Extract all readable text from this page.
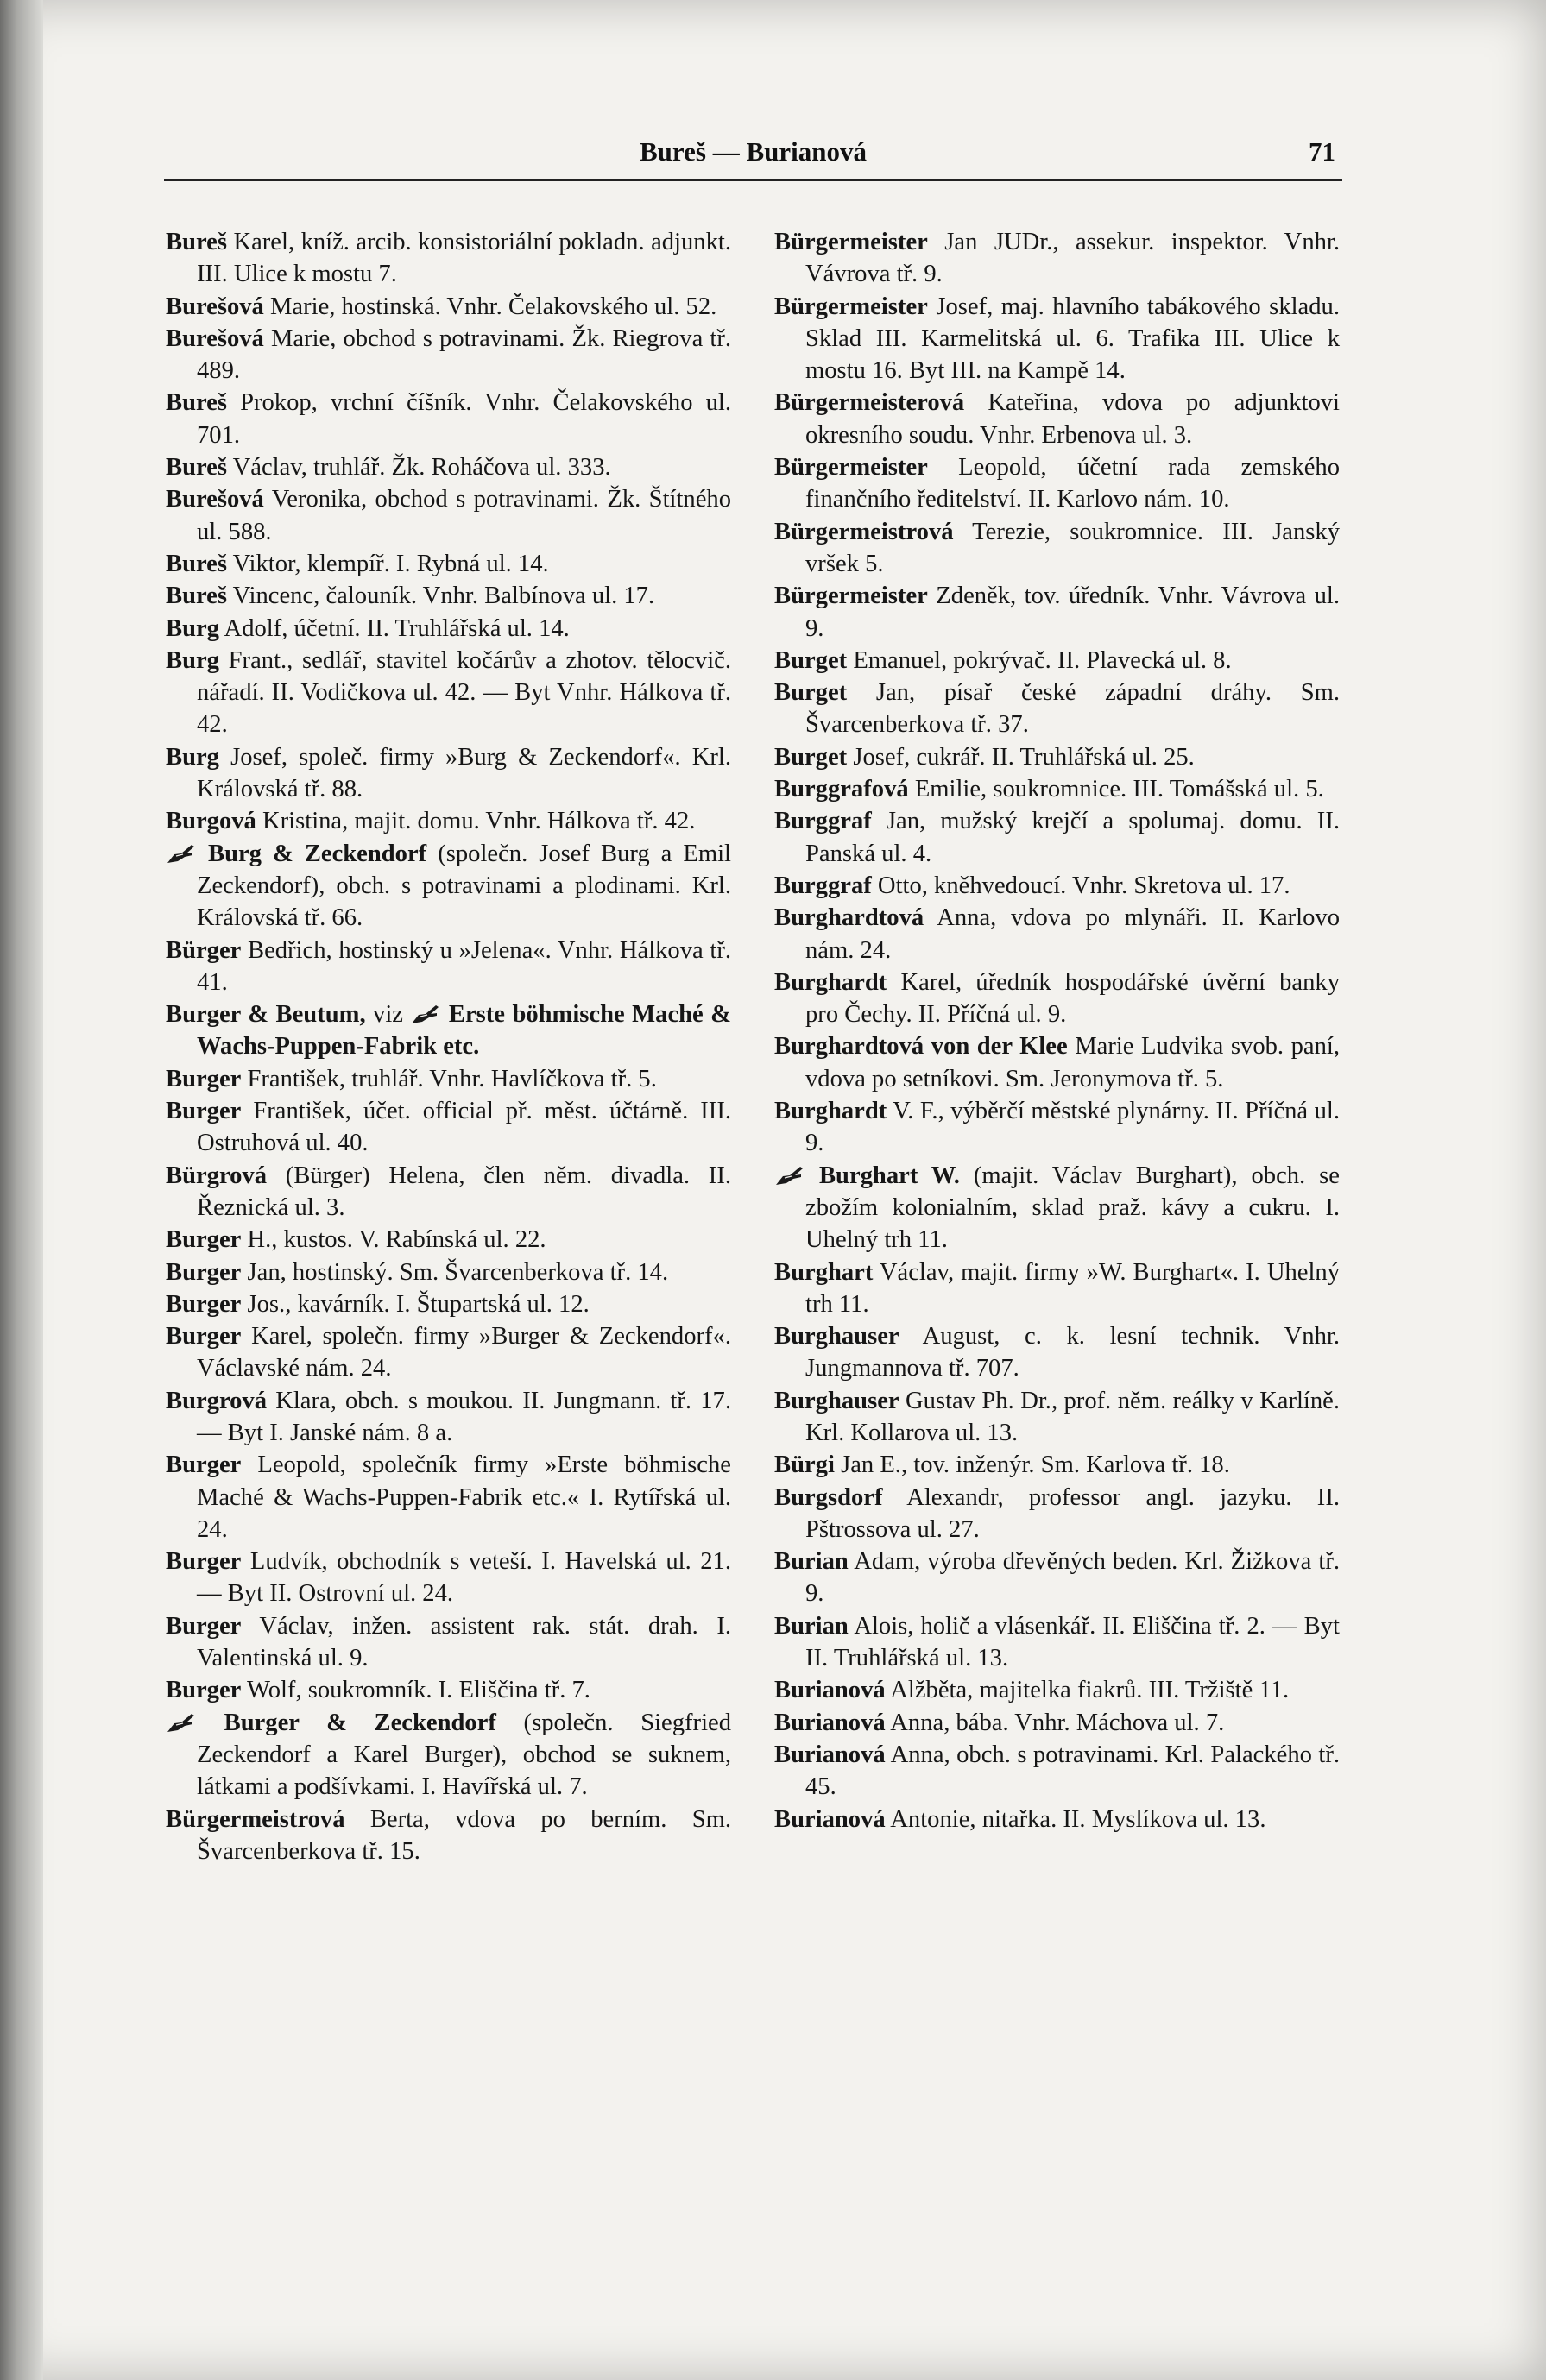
Bureš — Burianová	71

Bureš Karel, kníž. arcib. konsistoriální pokladn. adjunkt. III. Ulice k mostu 7.

Burešová Marie, hostinská. Vnhr. Čelakovského ul. 52.

Burešová Marie, obchod s potravinami. Žk. Riegrova tř. 489.

Bureš Prokop, vrchní číšník. Vnhr. Čelakovského ul. 701.

Bureš Václav, truhlář. Žk. Roháčova ul. 333.

Burešová Veronika, obchod s potravinami. Žk. Štítného ul. 588.

Bureš Viktor, klempíř. I. Rybná ul. 14.

Bureš Vincenc, čalouník. Vnhr. Balbínova ul. 17.

Burg Adolf, účetní. II. Truhlářská ul. 14.

Burg Frant., sedlář, stavitel kočárův a zhotov. tělocvič. nářadí. II. Vodičkova ul. 42. — Byt Vnhr. Hálkova tř. 42.

Burg Josef, společ. firmy »Burg & Zeckendorf«. Krl. Královská tř. 88.

Burgová Kristina, majit. domu. Vnhr. Hálkova tř. 42.

Burg & Zeckendorf (společn. Josef Burg a Emil Zeckendorf), obch. s potravinami a plodinami. Krl. Královská tř. 66.

Bürger Bedřich, hostinský u »Jelena«. Vnhr. Hálkova tř. 41.

Burger & Beutum, viz
Erste böhmische Maché & Wachs-Puppen-Fabrik etc.

Burger František, truhlář. Vnhr. Havlíčkova tř. 5.

Burger František, účet. official př. měst. účtárně. III. Ostruhová ul. 40.

Bürgrová (Bürger) Helena, člen něm. divadla. II. Řeznická ul. 3.

Burger H., kustos. V. Rabínská ul. 22.

Burger Jan, hostinský. Sm. Švarcenberkova tř. 14.

Burger Jos., kavárník. I. Štupartská ul. 12.

Burger Karel, společn. firmy »Burger & Zeckendorf«. Václavské nám. 24.

Burgrová Klara, obch. s moukou. II. Jungmann. tř. 17. — Byt I. Janské nám. 8 a.

Burger Leopold, společník firmy »Erste böhmische Maché & Wachs-Puppen-Fabrik etc.« I. Rytířská ul. 24.

Burger Ludvík, obchodník s veteší. I. Havelská ul. 21. — Byt II. Ostrovní ul. 24.

Burger Václav, inžen. assistent rak. stát. drah. I. Valentinská ul. 9.

Burger Wolf, soukromník. I. Eliščina tř. 7.

Burger & Zeckendorf (společn. Siegfried Zeckendorf a Karel Burger), obchod se suknem, látkami a podšívkami. I. Havířská ul. 7.

Bürgermeistrová Berta, vdova po berním. Sm. Švarcenberkova tř. 15.

Bürgermeister Jan JUDr., assekur. inspektor. Vnhr. Vávrova tř. 9.

Bürgermeister Josef, maj. hlavního tabákového skladu. Sklad III. Karmelitská ul. 6. Trafika III. Ulice k mostu 16. Byt III. na Kampě 14.

Bürgermeisterová Kateřina, vdova po adjunktovi okresního soudu. Vnhr. Erbenova ul. 3.

Bürgermeister Leopold, účetní rada zemského finančního ředitelství. II. Karlovo nám. 10.

Bürgermeistrová Terezie, soukromnice. III. Janský vršek 5.

Bürgermeister Zdeněk, tov. úředník. Vnhr. Vávrova ul. 9.

Burget Emanuel, pokrývač. II. Plavecká ul. 8.

Burget Jan, písař české západní dráhy. Sm. Švarcenberkova tř. 37.

Burget Josef, cukrář. II. Truhlářská ul. 25.

Burggrafová Emilie, soukromnice. III. Tomášská ul. 5.

Burggraf Jan, mužský krejčí a spolumaj. domu. II. Panská ul. 4.

Burggraf Otto, kněhvedoucí. Vnhr. Skretova ul. 17.

Burghardtová Anna, vdova po mlynáři. II. Karlovo nám. 24.

Burghardt Karel, úředník hospodářské úvěrní banky pro Čechy. II. Příčná ul. 9.

Burghardtová von der Klee Marie Ludvika svob. paní, vdova po setníkovi. Sm. Jeronymova tř. 5.

Burghardt V. F., výběrčí městské plynárny. II. Příčná ul. 9.

Burghart W. (majit. Václav Burghart), obch. se zbožím kolonialním, sklad praž. kávy a cukru. I. Uhelný trh 11.

Burghart Václav, majit. firmy »W. Burghart«. I. Uhelný trh 11.

Burghauser August, c. k. lesní technik. Vnhr. Jungmannova tř. 707.

Burghauser Gustav Ph. Dr., prof. něm. reálky v Karlíně. Krl. Kollarova ul. 13.

Bürgi Jan E., tov. inženýr. Sm. Karlova tř. 18.

Burgsdorf Alexandr, professor angl. jazyku. II. Pštrossova ul. 27.

Burian Adam, výroba dřevěných beden. Krl. Žižkova tř. 9.

Burian Alois, holič a vlásenkář. II. Eliščina tř. 2. — Byt II. Truhlářská ul. 13.

Burianová Alžběta, majitelka fiakrů. III. Tržiště 11.

Burianová Anna, bába. Vnhr. Máchova ul. 7.

Burianová Anna, obch. s potravinami. Krl. Palackého tř. 45.

Burianová Antonie, nitařka. II. Myslíkova ul. 13.
